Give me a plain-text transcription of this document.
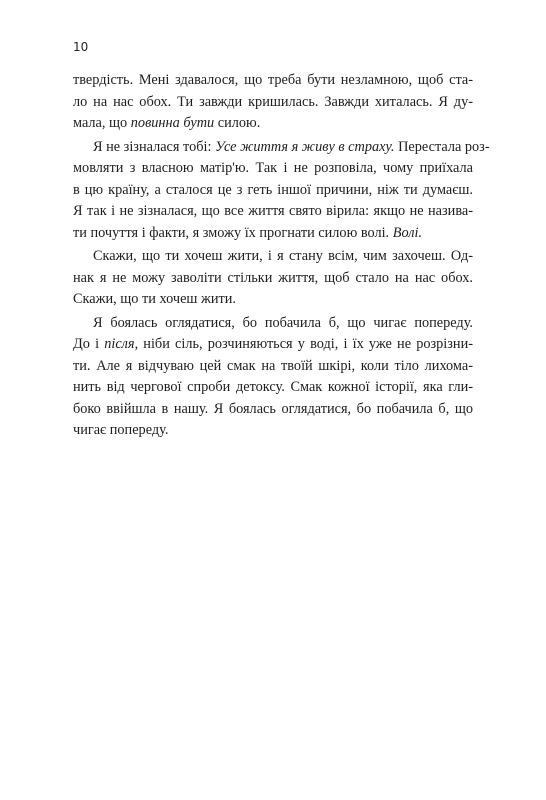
10
твердість. Мені здавалося, що треба бути незламною, щоб ста-
ло на нас обох. Ти завжди кришилась. Завжди хиталась. Я ду-
мала, що повинна бути силою.
Я не зізналася тобі: Усе життя я живу в страху. Перестала роз-
мовляти з власною матір'ю. Так і не розповіла, чому приїхала
в цю країну, а сталося це з геть іншої причини, ніж ти думаєш.
Я так і не зізналася, що все життя свято вірила: якщо не назива-
ти почуття і факти, я зможу їх прогнати силою волі. Волі.
Скажи, що ти хочеш жити, і я стану всім, чим захочеш. Од-
нак я не можу заволіти стільки життя, щоб стало на нас обох.
Скажи, що ти хочеш жити.
Я боялась оглядатися, бо побачила б, що чигає попереду.
До і після, ніби сіль, розчиняються у воді, і їх уже не розрізни-
ти. Але я відчуваю цей смак на твоїй шкірі, коли тіло лихома-
нить від чергової спроби детоксу. Смак кожної історії, яка гли-
боко ввійшла в нашу. Я боялась оглядатися, бо побачила б, що
чигає попереду.
